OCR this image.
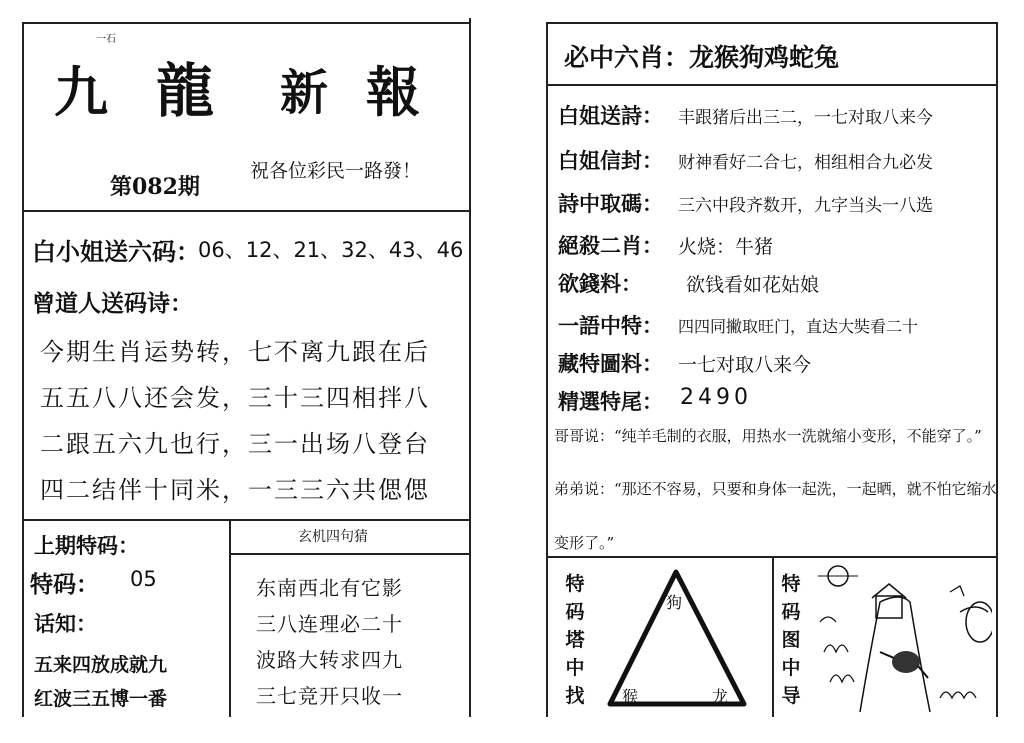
一石
九 龍 新 報
第082期
祝各位彩民一路發！
白小姐送六码：
06、12、21、32、43、46
曾道人送码诗：
今期生肖运势转，七不离九跟在后
五五八八还会发，三十三四相拌八
二跟五六九也行，三一出场八登台
四二结伴十同米，一三三六共偲偲
上期特码：
特码： 05
话知：
五来四放成就九
红波三五博一番
玄机四句猜
东南西北有它影
三八连理必二十
波路大转求四九
三七竞开只收一
必中六肖：龙猴狗鸡蛇兔
白姐送詩： 丰跟猪后出三二，一七对取八来今
白姐信封： 财神看好二合七，相组相合九必发
詩中取碼： 三六中段齐数开，九字当头一八选
絕殺二肖： 火烧：牛猪
欲錢料： 欲钱看如花姑娘
一語中特： 四四同撇取旺门，直达大奘看二十
藏特圖料： 一七对取八来今
精選特尾： 2490
哥哥说：“纯羊毛制的衣服，用热水一洗就缩小变形，不能穿了。”
弟弟说：“那还不容易，只要和身体一起洗，一起晒，就不怕它缩水
变形了。”
特
码
塔
中
找
狗
猴	龙
特
码
图
中
导
